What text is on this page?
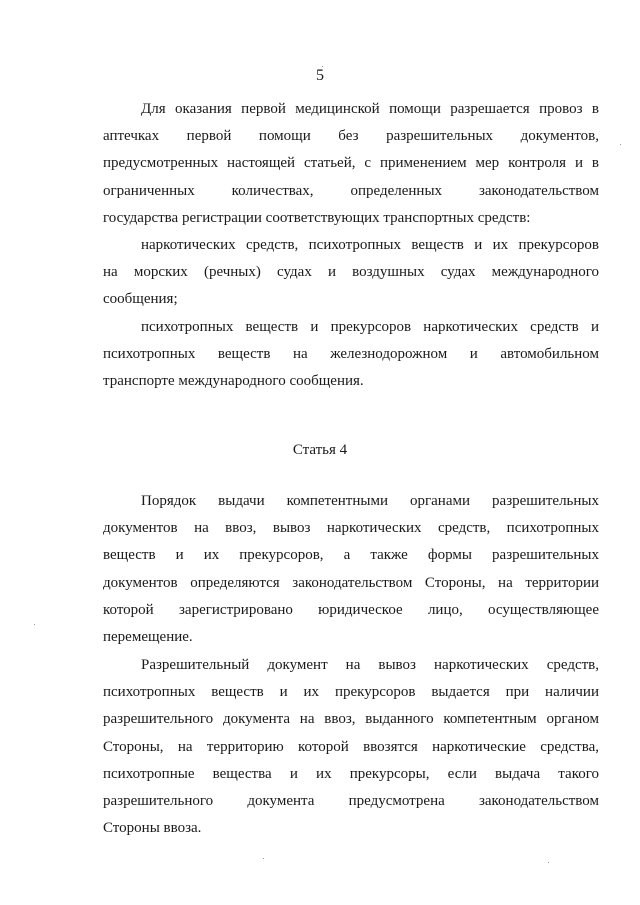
5
Для оказания первой медицинской помощи разрешается провоз в
аптечках первой помощи без разрешительных документов,
предусмотренных настоящей статьей, с применением мер контроля и в
ограниченных количествах, определенных законодательством
государства регистрации соответствующих транспортных средств:
наркотических средств, психотропных веществ и их прекурсоров
на морских (речных) судах и воздушных судах международного
сообщения;
психотропных веществ и прекурсоров наркотических средств и
психотропных веществ на железнодорожном и автомобильном
транспорте международного сообщения.
Статья 4
Порядок выдачи компетентными органами разрешительных
документов на ввоз, вывоз наркотических средств, психотропных
веществ и их прекурсоров, а также формы разрешительных
документов определяются законодательством Стороны, на территории
которой зарегистрировано юридическое лицо, осуществляющее
перемещение.
Разрешительный документ на вывоз наркотических средств,
психотропных веществ и их прекурсоров выдается при наличии
разрешительного документа на ввоз, выданного компетентным органом
Стороны, на территорию которой ввозятся наркотические средства,
психотропные вещества и их прекурсоры, если выдача такого
разрешительного документа предусмотрена законодательством
Стороны ввоза.
